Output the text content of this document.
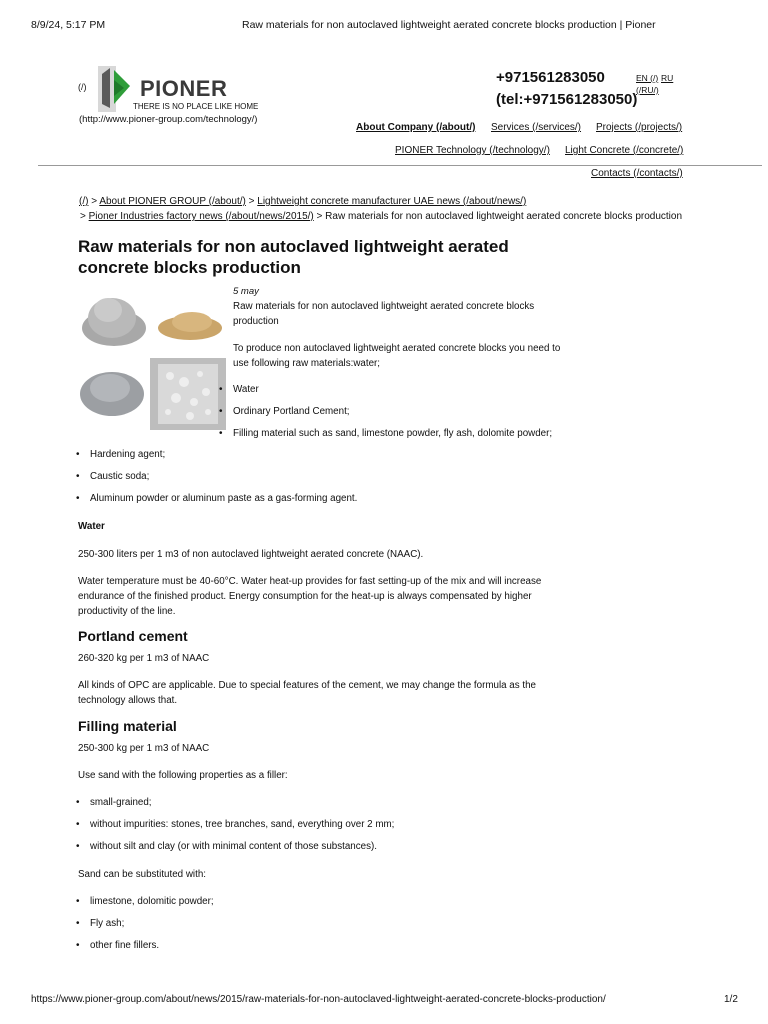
8/9/24, 5:17 PM	Raw materials for non autoclaved lightweight aerated concrete blocks production | Pioner
(/) PIONER
THERE IS NO PLACE LIKE HOME
(http://www.pioner-group.com/technology/)
+971561283050
(tel:+971561283050)
EN (/) RU
(/RU/)
About Company (/about/) Services (/services/) Projects (/projects/)
PIONER Technology (/technology/) Light Concrete (/concrete/)
Contacts (/contacts/)
(/) > About PIONER GROUP (/about/) > Lightweight concrete manufacturer UAE news (/about/news/)
> Pioner Industries factory news (/about/news/2015/) > Raw materials for non autoclaved lightweight aerated concrete blocks production
Raw materials for non autoclaved lightweight aerated
concrete blocks production
5 may

Raw materials for non autoclaved lightweight aerated concrete blocks
production

To produce non autoclaved lightweight aerated concrete blocks you need to
use following raw materials:water;

• Water
• Ordinary Portland Cement;
• Filling material such as sand, limestone powder, fly ash, dolomite powder;
• Hardening agent;
• Caustic soda;
• Aluminum powder or aluminum paste as a gas-forming agent.

Water

250-300 liters per 1 m3 of non autoclaved lightweight aerated concrete (NAAC).

Water temperature must be 40-60°C. Water heat-up provides for fast setting-up of the mix and will increase
endurance of the finished product. Energy consumption for the heat-up is always compensated by higher
productivity of the line.

Portland cement

260-320 kg per 1 m3 of NAAC

All kinds of OPC are applicable. Due to special features of the cement, we may change the formula as the
technology allows that.

Filling material

250-300 kg per 1 m3 of NAAC

Use sand with the following properties as a filler:

• small-grained;
• without impurities: stones, tree branches, sand, everything over 2 mm;
• without silt and clay (or with minimal content of those substances).

Sand can be substituted with:

• limestone, dolomitic powder;
• Fly ash;
• other fine fillers.
https://www.pioner-group.com/about/news/2015/raw-materials-for-non-autoclaved-lightweight-aerated-concrete-blocks-production/	1/2
